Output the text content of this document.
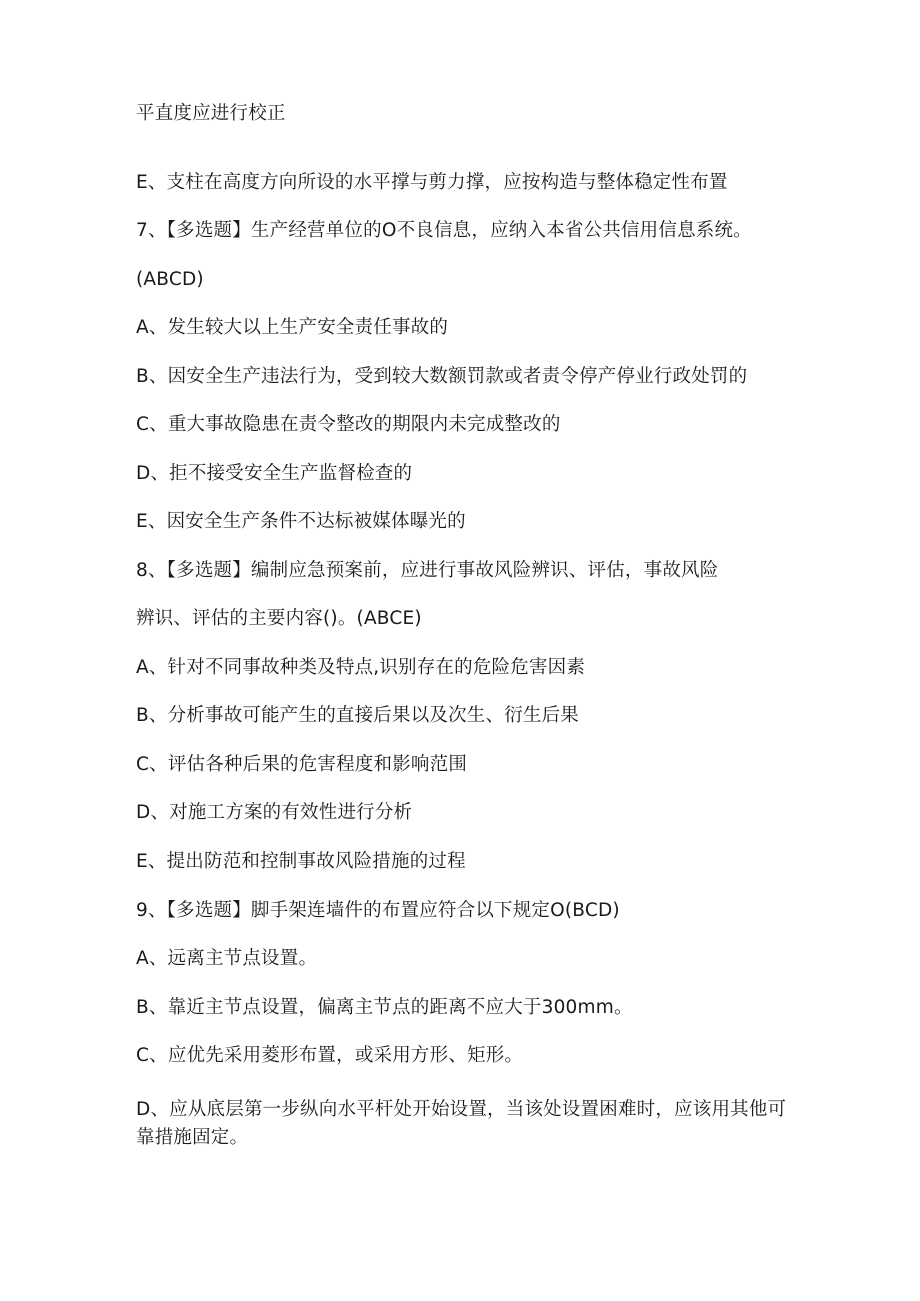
平直度应进行校正
E、支柱在高度方向所设的水平撑与剪力撑，应按构造与整体稳定性布置
7、【多选题】生产经营单位的O不良信息，应纳入本省公共信用信息系统。
(ABCD)
A、发生较大以上生产安全责任事故的
B、因安全生产违法行为，受到较大数额罚款或者责令停产停业行政处罚的
C、重大事故隐患在责令整改的期限内未完成整改的
D、拒不接受安全生产监督检查的
E、因安全生产条件不达标被媒体曝光的
8、【多选题】编制应急预案前，应进行事故风险辨识、评估，事故风险
辨识、评估的主要内容()。(ABCE)
A、针对不同事故种类及特点,识别存在的危险危害因素
B、分析事故可能产生的直接后果以及次生、衍生后果
C、评估各种后果的危害程度和影响范围
D、对施工方案的有效性进行分析
E、提出防范和控制事故风险措施的过程
9、【多选题】脚手架连墙件的布置应符合以下规定O(BCD)
A、远离主节点设置。
B、靠近主节点设置，偏离主节点的距离不应大于300mm。
C、应优先采用菱形布置，或采用方形、矩形。
D、应从底层第一步纵向水平杆处开始设置，当该处设置困难时，应该用其他可靠措施固定。
